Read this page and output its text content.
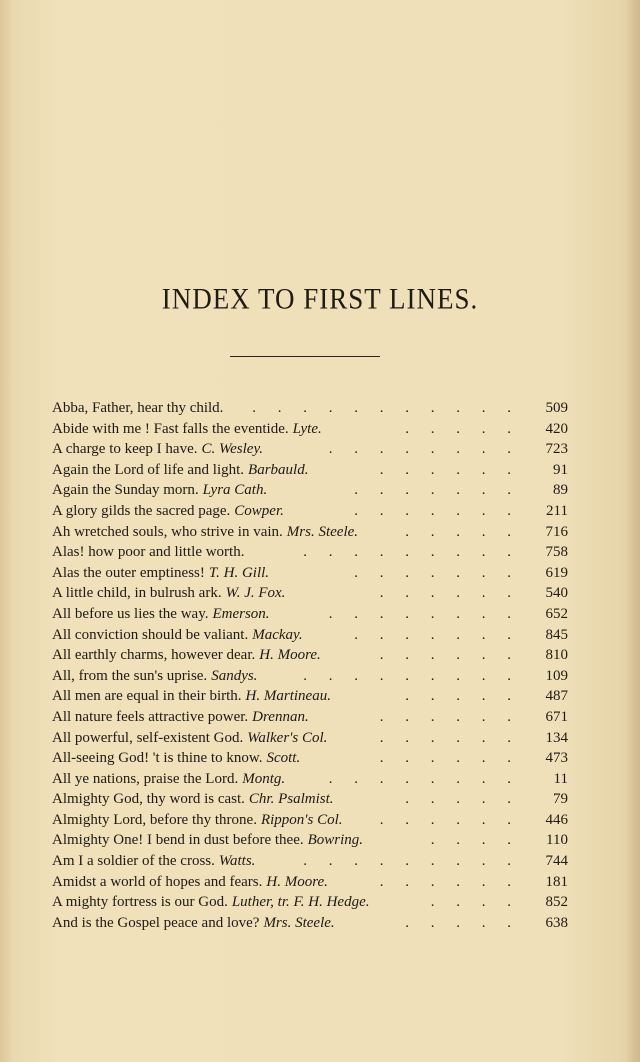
INDEX TO FIRST LINES.
Abba, Father, hear thy child. . . . . . . . . . . .	509
Abide with me ! Fast falls the eventide. Lyte.	. . . . .	420
A charge to keep I have. C. Wesley.	. . . . . . . .	723
Again the Lord of life and light. Barbauld.	. . . . . .	91
Again the Sunday morn. Lyra Cath.	. . . . . . .	89
A glory gilds the sacred page. Cowper.	. . . . . . .	211
Ah wretched souls, who strive in vain. Mrs. Steele.	. . . . .	716
Alas! how poor and little worth.	. . . . . . . . .	758
Alas the outer emptiness! T. H. Gill.	. . . . . . .	619
A little child, in bulrush ark. W. J. Fox.	. . . . . .	540
All before us lies the way. Emerson.	. . . . . . . .	652
All conviction should be valiant. Mackay.	. . . . . . .	845
All earthly charms, however dear. H. Moore.	. . . . . .	810
All, from the sun's uprise. Sandys.	. . . . . . . . .	109
All men are equal in their birth. H. Martineau.	. . . . .	487
All nature feels attractive power. Drennan.	. . . . . .	671
All powerful, self-existent God. Walker's Col.	. . . . . .	134
All-seeing God! 't is thine to know. Scott.	. . . . . .	473
All ye nations, praise the Lord. Montg.	. . . . . . . .	11
Almighty God, thy word is cast. Chr. Psalmist.	. . . . .	79
Almighty Lord, before thy throne. Rippon's Col. . . . . . .	446
Almighty One! I bend in dust before thee. Bowring.	. . . .	110
Am I a soldier of the cross. Watts.	. . . . . . . . .	744
Amidst a world of hopes and fears. H. Moore.	. . . . . .	181
A mighty fortress is our God. Luther, tr. F. H. Hedge.	. . . .	852
And is the Gospel peace and love? Mrs. Steele.	. . . . .	638
